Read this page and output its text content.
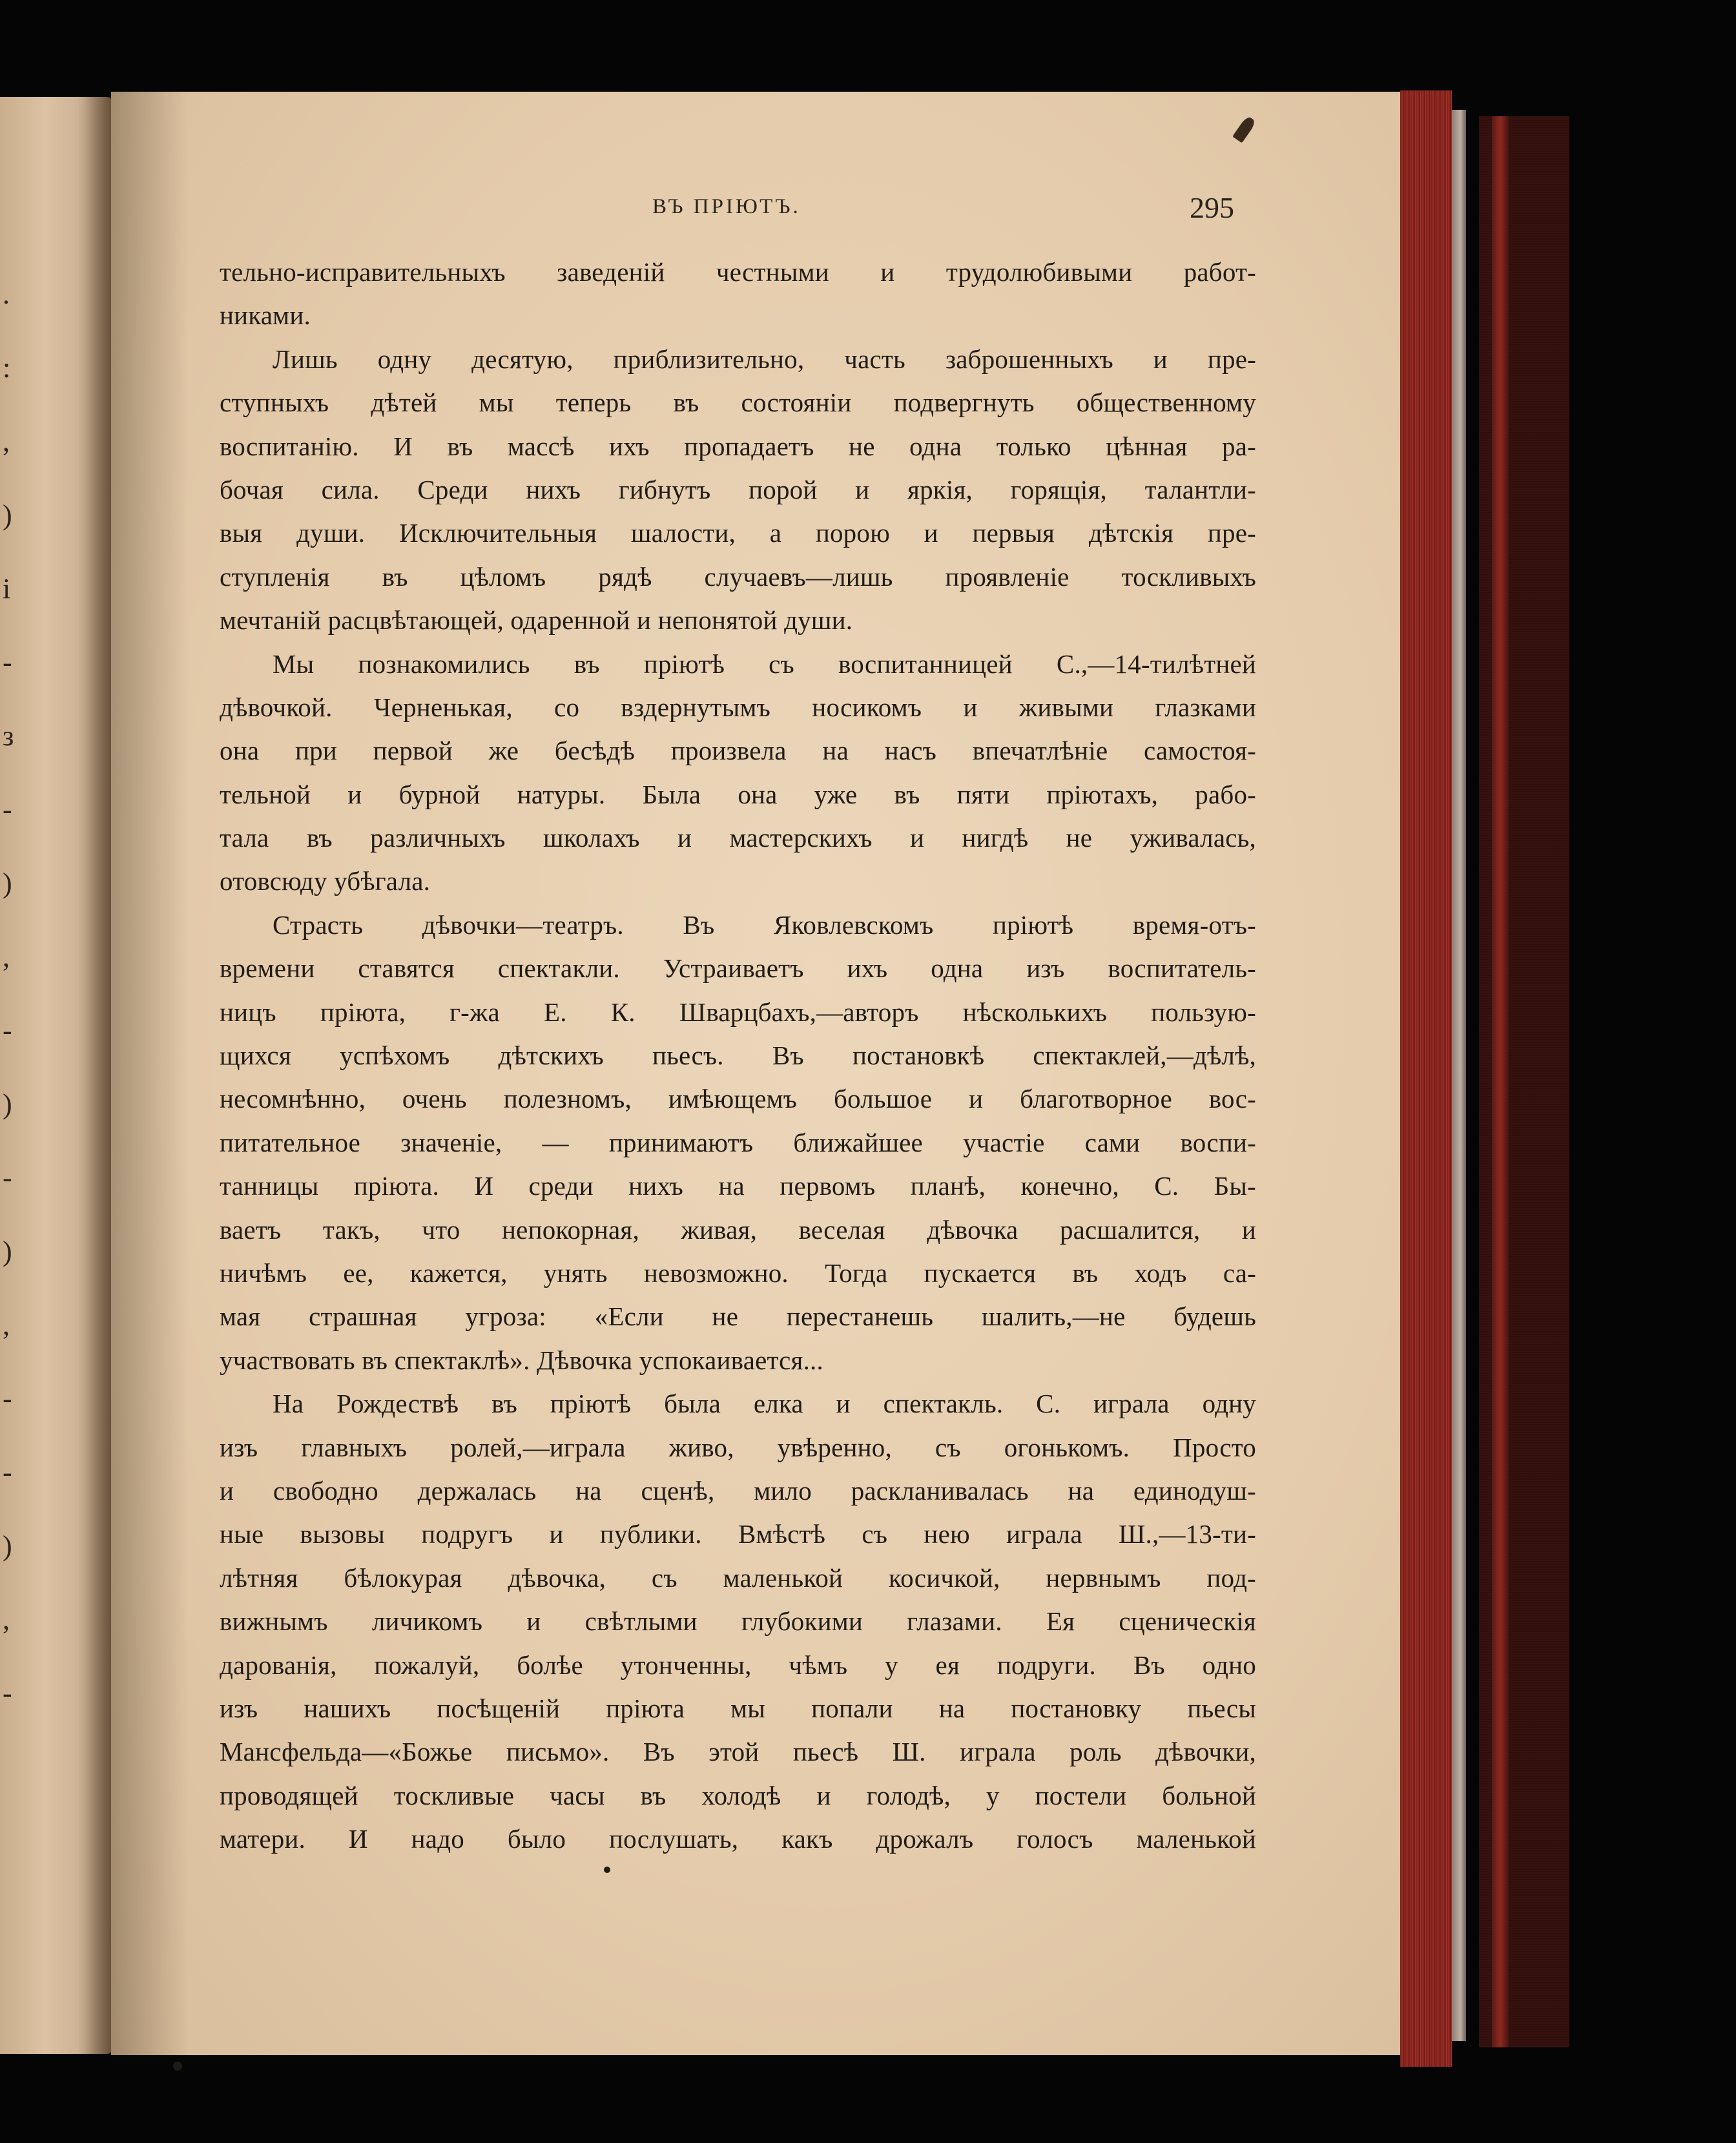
.
:
,
)
і
-
з
-
)
,
-
)
-
)
,
-
-
)
,
-
ВЪ ПРІЮТЪ.	295
тельно-исправительныхъ заведеній честными и трудолюбивыми работ-
никами.
Лишь одну десятую, приблизительно, часть заброшенныхъ и пре-
ступныхъ дѣтей мы теперь въ состояніи подвергнуть общественному
воспитанію. И въ массѣ ихъ пропадаетъ не одна только цѣнная ра-
бочая сила. Среди нихъ гибнутъ порой и яркія, горящія, талантли-
выя души. Исключительныя шалости, а порою и первыя дѣтскія пре-
ступленія въ цѣломъ рядѣ случаевъ—лишь проявленіе тоскливыхъ
мечтаній расцвѣтающей, одаренной и непонятой души.
Мы познакомились въ пріютѣ съ воспитанницей С.,—14-тилѣтней
дѣвочкой. Черненькая, со вздернутымъ носикомъ и живыми глазками
она при первой же бесѣдѣ произвела на насъ впечатлѣніе самостоя-
тельной и бурной натуры. Была она уже въ пяти пріютахъ, рабо-
тала въ различныхъ школахъ и мастерскихъ и нигдѣ не уживалась,
отовсюду убѣгала.
Страсть дѣвочки—театръ. Въ Яковлевскомъ пріютѣ время-отъ-
времени ставятся спектакли. Устраиваетъ ихъ одна изъ воспитатель-
ницъ пріюта, г-жа Е. К. Шварцбахъ,—авторъ нѣсколькихъ пользую-
щихся успѣхомъ дѣтскихъ пьесъ. Въ постановкѣ спектаклей,—дѣлѣ,
несомнѣнно, очень полезномъ, имѣющемъ большое и благотворное вос-
питательное значеніе, — принимаютъ ближайшее участіе сами воспи-
танницы пріюта. И среди нихъ на первомъ планѣ, конечно, С. Бы-
ваетъ такъ, что непокорная, живая, веселая дѣвочка расшалится, и
ничѣмъ ее, кажется, унять невозможно. Тогда пускается въ ходъ са-
мая страшная угроза: «Если не перестанешь шалить,—не будешь
участвовать въ спектаклѣ». Дѣвочка успокаивается...
На Рождествѣ въ пріютѣ была елка и спектакль. С. играла одну
изъ главныхъ ролей,—играла живо, увѣренно, съ огонькомъ. Просто
и свободно держалась на сценѣ, мило раскланивалась на единодуш-
ные вызовы подругъ и публики. Вмѣстѣ съ нею играла Ш.,—13-ти-
лѣтняя бѣлокурая дѣвочка, съ маленькой косичкой, нервнымъ под-
вижнымъ личикомъ и свѣтлыми глубокими глазами. Ея сценическія
дарованія, пожалуй, болѣе утонченны, чѣмъ у ея подруги. Въ одно
изъ нашихъ посѣщеній пріюта мы попали на постановку пьесы
Мансфельда—«Божье письмо». Въ этой пьесѣ Ш. играла роль дѣвочки,
проводящей тоскливые часы въ холодѣ и голодѣ, у постели больной
матери. И надо было послушать, какъ дрожалъ голосъ маленькой
